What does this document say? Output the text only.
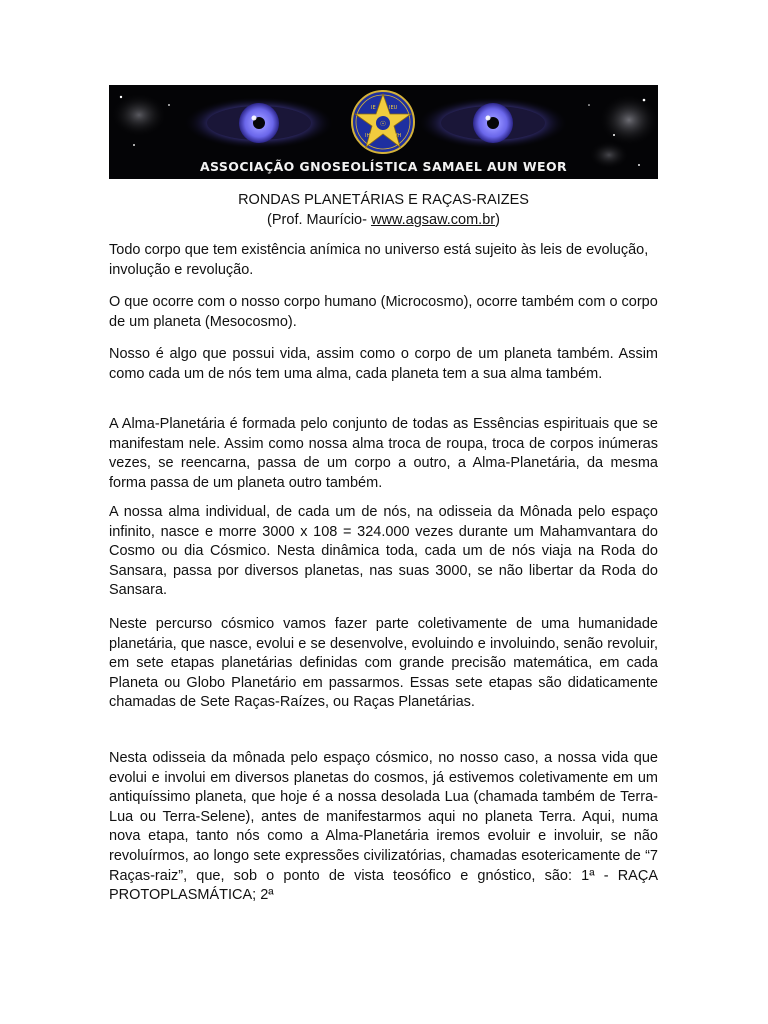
☉
IE	IEU
IH	VH
ASSOCIAÇÃO GNOSEOLÍSTICA SAMAEL AUN WEOR
RONDAS PLANETÁRIAS E RAÇAS-RAIZES
(Prof. Maurício- www.agsaw.com.br)

Todo corpo que tem existência anímica no universo está sujeito às leis de evolução, involução e revolução.

O que ocorre com o nosso corpo humano (Microcosmo), ocorre também com o corpo de um planeta (Mesocosmo).

Nosso é algo que possui vida, assim como o corpo de um planeta também. Assim como cada um de nós tem uma alma, cada planeta tem a sua alma também.

A Alma-Planetária é formada pelo conjunto de todas as Essências espirituais que se manifestam nele. Assim como nossa alma troca de roupa, troca de corpos inúmeras vezes, se reencarna, passa de um corpo a outro, a Alma-Planetária, da mesma forma passa de um planeta outro também.

A nossa alma individual, de cada um de nós, na odisseia da Mônada pelo espaço infinito, nasce e morre 3000 x 108 = 324.000 vezes durante um Mahamvantara do Cosmo ou dia Cósmico. Nesta dinâmica toda, cada um de nós viaja na Roda do Sansara, passa por diversos planetas, nas suas 3000, se não libertar da Roda do Sansara.

Neste percurso cósmico vamos fazer parte coletivamente de uma humanidade planetária, que nasce, evolui e se desenvolve, evoluindo e involuindo, senão revoluir, em sete etapas planetárias definidas com grande precisão matemática, em cada Planeta ou Globo Planetário em passarmos. Essas sete etapas são didaticamente chamadas de Sete Raças-Raízes, ou Raças Planetárias.

Nesta odisseia da mônada pelo espaço cósmico, no nosso caso, a nossa vida que evolui e involui em diversos planetas do cosmos, já estivemos coletivamente em um antiquíssimo planeta, que hoje é a nossa desolada Lua (chamada também de Terra-Lua ou Terra-Selene), antes de manifestarmos aqui no planeta Terra. Aqui, numa nova etapa, tanto nós como a Alma-Planetária iremos evoluir e involuir, se não revoluírmos, ao longo sete expressões civilizatórias, chamadas esotericamente de “7 Raças-raiz”, que, sob o ponto de vista teosófico e gnóstico, são: 1ª - RAÇA PROTOPLASMÁTICA; 2ª
